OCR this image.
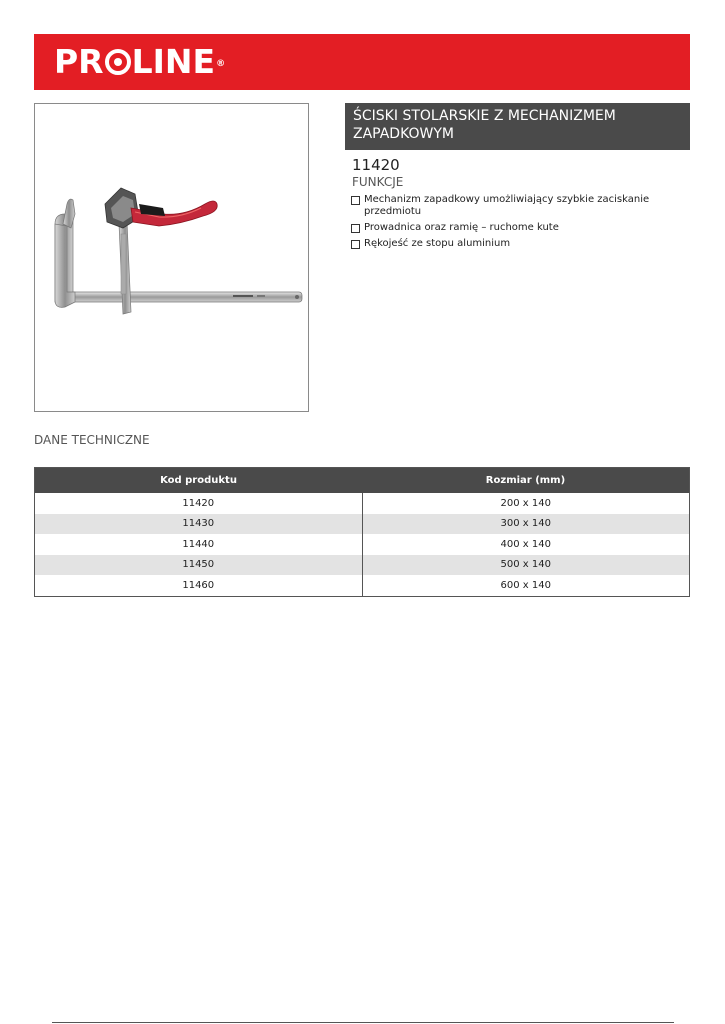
PR LINE ®
ŚCISKI STOLARSKIE Z MECHANIZMEM ZAPADKOWYM
11420
FUNKCJE
Mechanizm zapadkowy umożliwiający szybkie zaciskanie przedmiotu
Prowadnica oraz ramię – ruchome kute
Rękojeść ze stopu aluminium
DANE TECHNICZNE
Kod produktu	Rozmiar (mm)
11420	200 x 140
11430	300 x 140
11440	400 x 140
11450	500 x 140
11460	600 x 140
